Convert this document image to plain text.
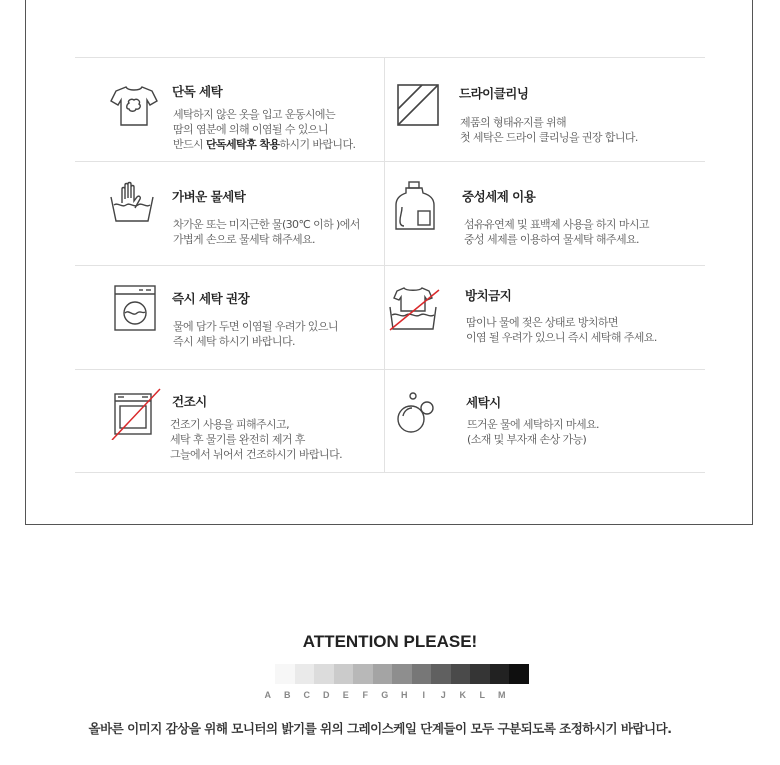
단독 세탁
세탁하지 않은 옷을 입고 운동시에는
땀의 염분에 의해 이염될 수 있으니
반드시 단독세탁후 착용하시기 바랍니다.
드라이클리닝
제품의 형태유지를 위해
첫 세탁은 드라이 클리닝을 권장 합니다.
가벼운 물세탁
차가운 또는 미지근한 물(30℃ 이하 )에서
가볍게 손으로 물세탁 해주세요.
중성세제 이용
섬유유연제 및 표백제 사용을 하지 마시고
중성 세제를 이용하여 물세탁 해주세요.
즉시 세탁 권장
물에 담가 두면 이염될 우려가 있으니
즉시 세탁 하시기 바랍니다.
방치금지
땀이나 물에 젖은 상태로 방치하면
이염 될 우려가 있으니 즉시 세탁해 주세요.
건조시
건조기 사용을 피해주시고,
세탁 후 물기를 완전히 제거 후
그늘에서 뉘어서 건조하시기 바랍니다.
세탁시
뜨거운 물에 세탁하지 마세요.
(소재 및 부자재 손상 가능)
ATTENTION PLEASE!
A	B	C	D	E	F	G	H	I	J	K	L	M
올바른 이미지 감상을 위해 모니터의 밝기를 위의 그레이스케일 단계들이 모두 구분되도록 조정하시기 바랍니다.
